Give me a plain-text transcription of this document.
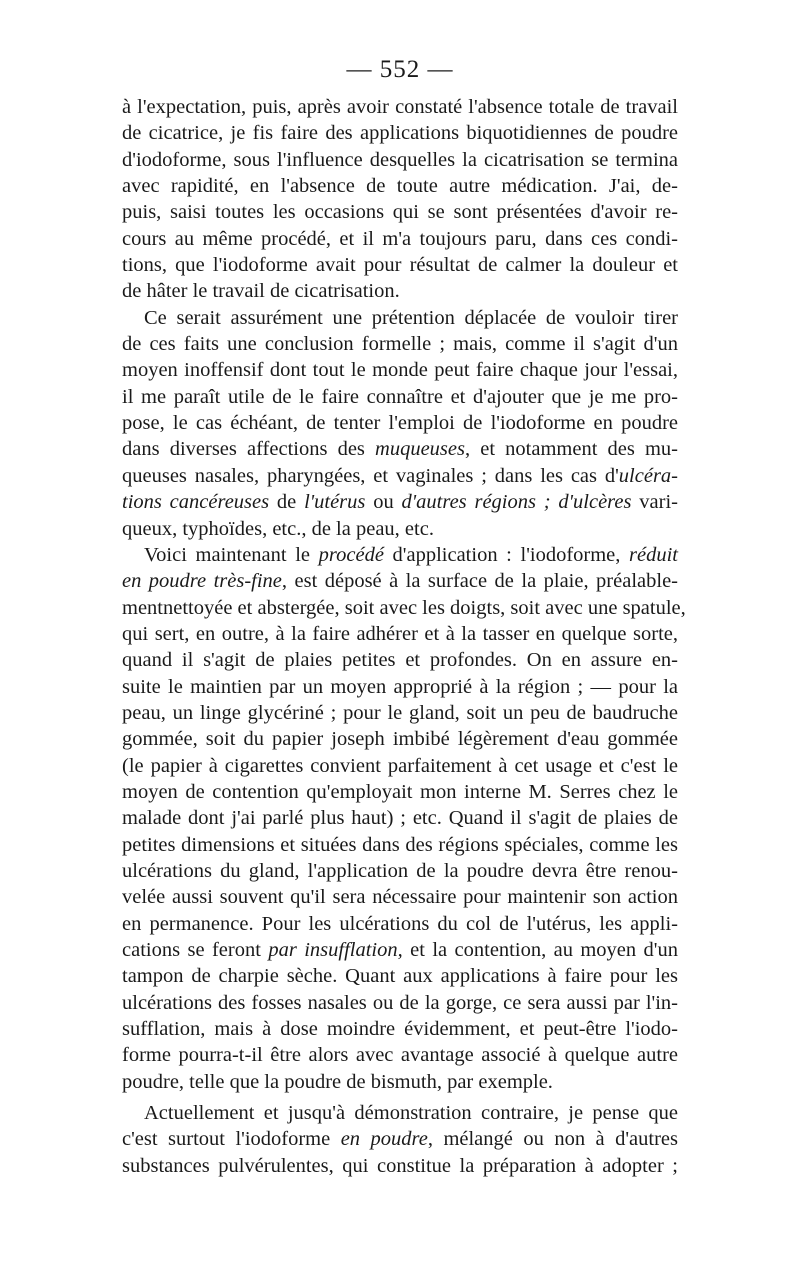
— 552 —
à l'expectation, puis, après avoir constaté l'absence totale de travail
de cicatrice, je fis faire des applications biquotidiennes de poudre
d'iodoforme, sous l'influence desquelles la cicatrisation se termina
avec rapidité, en l'absence de toute autre médication. J'ai, de-
puis, saisi toutes les occasions qui se sont présentées d'avoir re-
cours au même procédé, et il m'a toujours paru, dans ces condi-
tions, que l'iodoforme avait pour résultat de calmer la douleur et
de hâter le travail de cicatrisation.
Ce serait assurément une prétention déplacée de vouloir tirer
de ces faits une conclusion formelle ; mais, comme il s'agit d'un
moyen inoffensif dont tout le monde peut faire chaque jour l'essai,
il me paraît utile de le faire connaître et d'ajouter que je me pro-
pose, le cas échéant, de tenter l'emploi de l'iodoforme en poudre
dans diverses affections des muqueuses, et notamment des mu-
queuses nasales, pharyngées, et vaginales ; dans les cas d'ulcéra-
tions cancéreuses de l'utérus ou d'autres régions ; d'ulcères vari-
queux, typhoïdes, etc., de la peau, etc.
Voici maintenant le procédé d'application : l'iodoforme, réduit
en poudre très-fine, est déposé à la surface de la plaie, préalable-
mentnettoyée et abstergée, soit avec les doigts, soit avec une spatule,
qui sert, en outre, à la faire adhérer et à la tasser en quelque sorte,
quand il s'agit de plaies petites et profondes. On en assure en-
suite le maintien par un moyen approprié à la région ; — pour la
peau, un linge glycériné ; pour le gland, soit un peu de baudruche
gommée, soit du papier joseph imbibé légèrement d'eau gommée
(le papier à cigarettes convient parfaitement à cet usage et c'est le
moyen de contention qu'employait mon interne M. Serres chez le
malade dont j'ai parlé plus haut) ; etc. Quand il s'agit de plaies de
petites dimensions et situées dans des régions spéciales, comme les
ulcérations du gland, l'application de la poudre devra être renou-
velée aussi souvent qu'il sera nécessaire pour maintenir son action
en permanence. Pour les ulcérations du col de l'utérus, les appli-
cations se feront par insufflation, et la contention, au moyen d'un
tampon de charpie sèche. Quant aux applications à faire pour les
ulcérations des fosses nasales ou de la gorge, ce sera aussi par l'in-
sufflation, mais à dose moindre évidemment, et peut-être l'iodo-
forme pourra-t-il être alors avec avantage associé à quelque autre
poudre, telle que la poudre de bismuth, par exemple.
Actuellement et jusqu'à démonstration contraire, je pense que
c'est surtout l'iodoforme en poudre, mélangé ou non à d'autres
substances pulvérulentes, qui constitue la préparation à adopter ;
